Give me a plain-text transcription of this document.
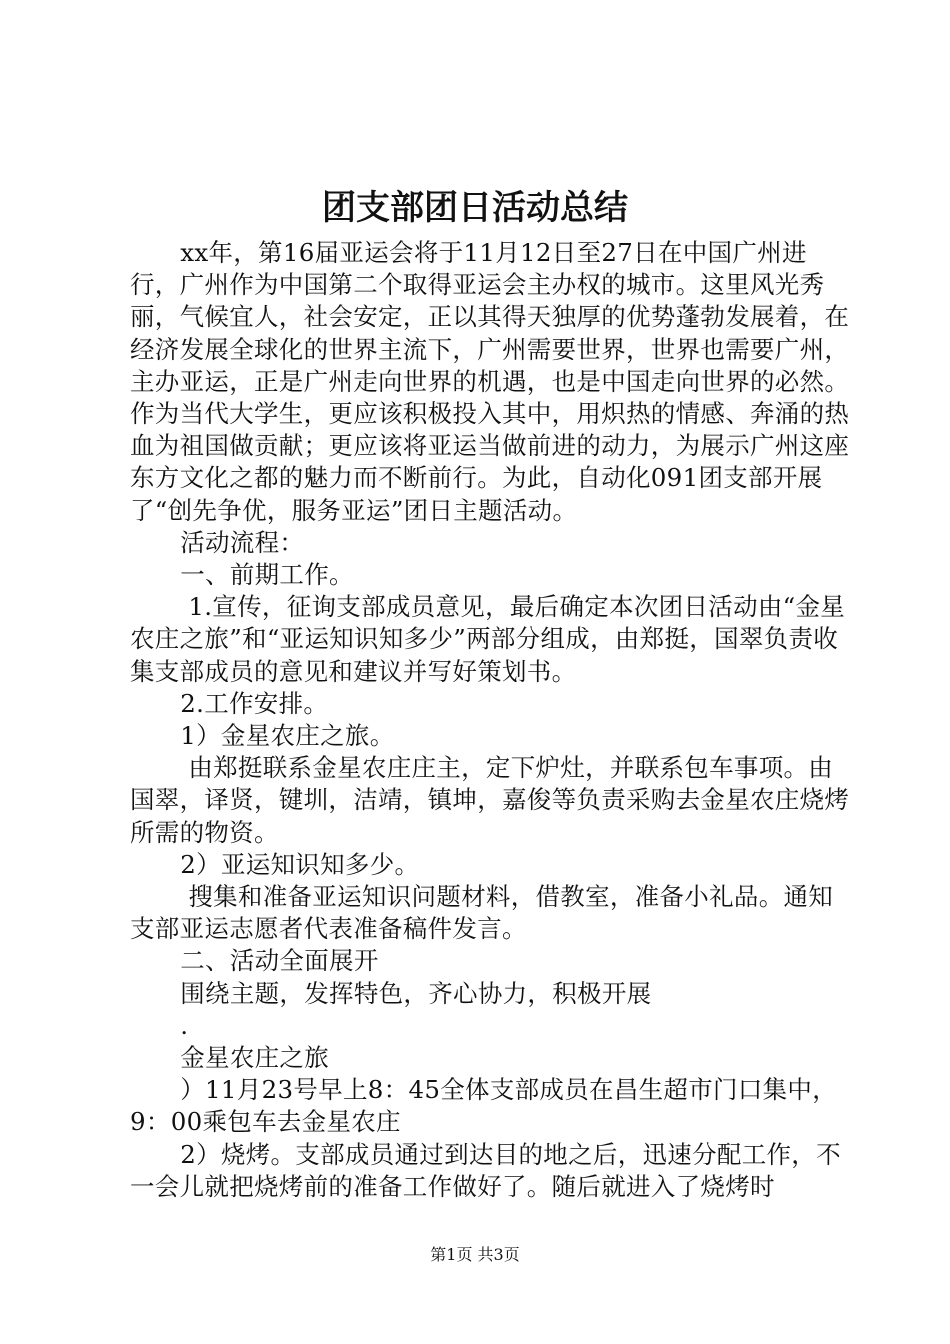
团支部团日活动总结

xx年，第16届亚运会将于11月12日至27日在中国广州进行，广州作为中国第二个取得亚运会主办权的城市。这里风光秀丽，气候宜人，社会安定，正以其得天独厚的优势蓬勃发展着，在经济发展全球化的世界主流下，广州需要世界，世界也需要广州，主办亚运，正是广州走向世界的机遇，也是中国走向世界的必然。作为当代大学生，更应该积极投入其中，用炽热的情感、奔涌的热血为祖国做贡献；更应该将亚运当做前进的动力，为展示广州这座东方文化之都的魅力而不断前行。为此，自动化091团支部开展了“创先争优，服务亚运”团日主题活动。

活动流程：

一、前期工作。

1.宣传，征询支部成员意见，最后确定本次团日活动由“金星农庄之旅”和“亚运知识知多少”两部分组成，由郑挺，国翠负责收集支部成员的意见和建议并写好策划书。

2.工作安排。

1）金星农庄之旅。

由郑挺联系金星农庄庄主，定下炉灶，并联系包车事项。由国翠，译贤，键圳，洁靖，镇坤，嘉俊等负责采购去金星农庄烧烤所需的物资。

2）亚运知识知多少。

搜集和准备亚运知识问题材料，借教室，准备小礼品。通知支部亚运志愿者代表准备稿件发言。

二、活动全面展开

围绕主题，发挥特色，齐心协力，积极开展

.

金星农庄之旅

）11月23号早上8：45全体支部成员在昌生超市门口集中，9：00乘包车去金星农庄

2）烧烤。支部成员通过到达目的地之后，迅速分配工作，不一会儿就把烧烤前的准备工作做好了。随后就进入了烧烤时

第1页 共3页
